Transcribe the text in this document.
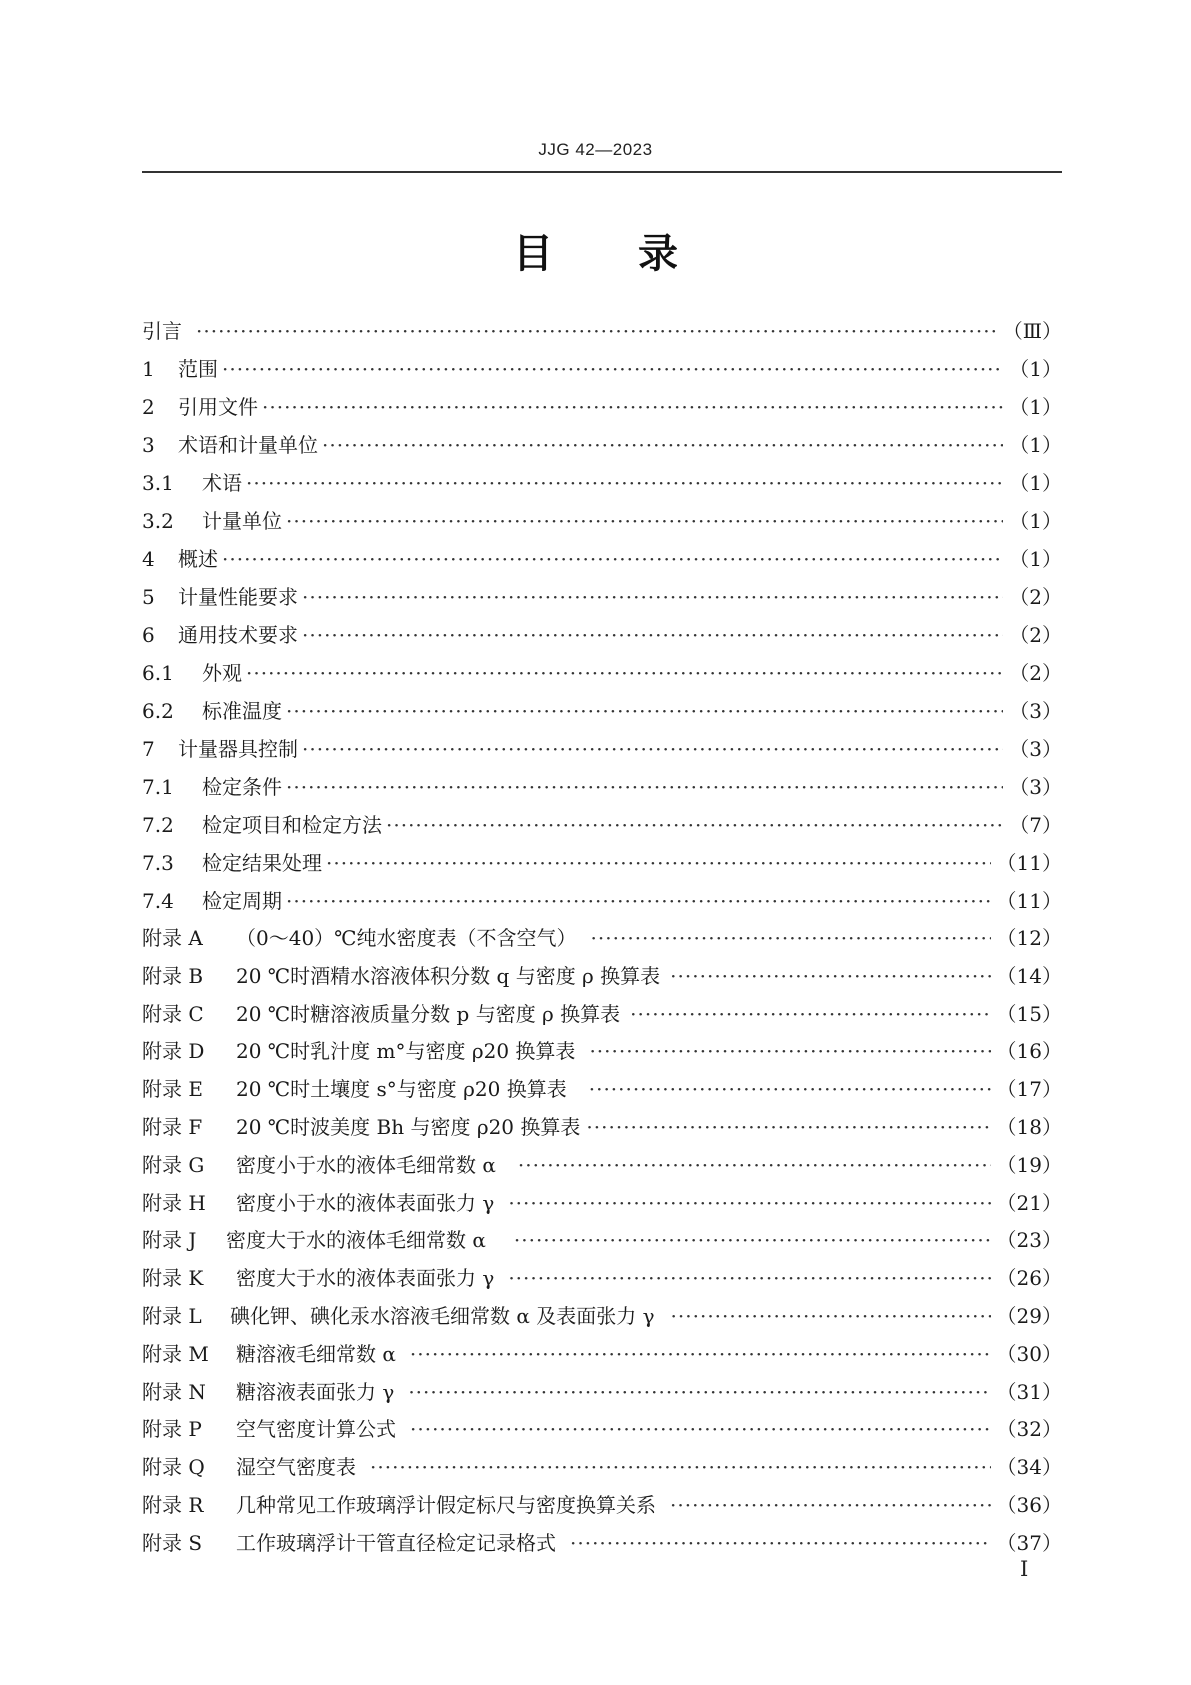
JJG 42—2023
目 录
引言 ·····	（Ⅲ）
1	范围 ·····	（1）
2	引用文件 ·····	（1）
3	术语和计量单位 ·····	（1）
3.1	术语 ·····	（1）
3.2	计量单位 ·····	（1）
4	概述 ·····	（1）
5	计量性能要求 ·····	（2）
6	通用技术要求 ·····	（2）
6.1	外观 ·····	（2）
6.2	标准温度 ·····	（3）
7	计量器具控制 ·····	（3）
7.1	检定条件 ·····	（3）
7.2	检定项目和检定方法 ·····	（7）
7.3	检定结果处理 ·····	（11）
7.4	检定周期 ·····	（11）
附录 A	（0～40）℃纯水密度表（不含空气） ·····	（12）
附录 B	20 ℃时酒精水溶液体积分数 q 与密度 ρ 换算表 ·····	（14）
附录 C	20 ℃时糖溶液质量分数 p 与密度 ρ 换算表 ·····	（15）
附录 D	20 ℃时乳汁度 m°与密度 ρ20 换算表 ·····	（16）
附录 E	20 ℃时土壤度 s°与密度 ρ20 换算表 ·····	（17）
附录 F	20 ℃时波美度 Bh 与密度 ρ20 换算表 ·····	（18）
附录 G	密度小于水的液体毛细常数 α ·····	（19）
附录 H	密度小于水的液体表面张力 γ ·····	（21）
附录 J	密度大于水的液体毛细常数 α ·····	（23）
附录 K	密度大于水的液体表面张力 γ ·····	（26）
附录 L	碘化钾、碘化汞水溶液毛细常数 α 及表面张力 γ ·····	（29）
附录 M	糖溶液毛细常数 α ·····	（30）
附录 N	糖溶液表面张力 γ ·····	（31）
附录 P	空气密度计算公式 ·····	（32）
附录 Q	湿空气密度表 ·····	（34）
附录 R	几种常见工作玻璃浮计假定标尺与密度换算关系 ·····	（36）
附录 S	工作玻璃浮计干管直径检定记录格式 ·····	（37）
Ⅰ
